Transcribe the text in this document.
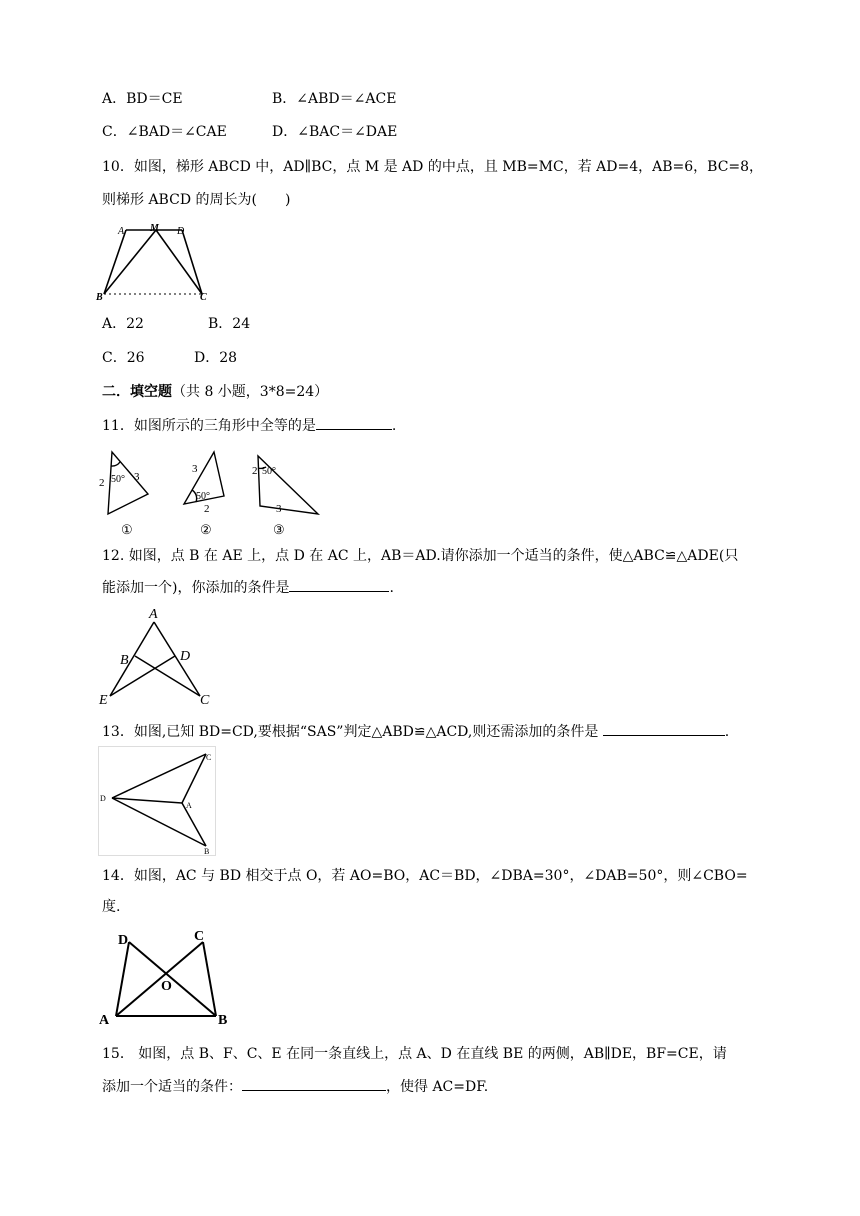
A．BD＝CE	B．∠ABD＝∠ACE
C．∠BAD＝∠CAE	D．∠BAC＝∠DAE
10．如图，梯形 ABCD 中，AD∥BC，点 M 是 AD 的中点，且 MB=MC，若 AD=4，AB=6，BC=8，
则梯形 ABCD 的周长为(　　)
A	M D
B	C
A．22	B．24
C．26	D．28
二．填空题（共 8 小题，3*8=24）
11．如图所示的三角形中全等的是	.
2 50° 3
①
3
50°
2
②
2 50°
3
③
12. 如图，点 B 在 AE 上，点 D 在 AC 上，AB＝AD.请你添加一个适当的条件，使△ABC≌△ADE(只
能添加一个)，你添加的条件是	.
A
B	D
E	C
13．如图,已知 BD=CD,要根据“SAS”判定△ABD≌△ACD,则还需添加的条件是	.
C
D
A
B
14．如图，AC 与 BD 相交于点 O，若 AO=BO，AC＝BD，∠DBA=30°，∠DAB=50°，则∠CBO=
度.
D	C
O
A	B
15． 如图，点 B、F、C、E 在同一条直线上，点 A、D 在直线 BE 的两侧，AB∥DE，BF=CE，请
添加一个适当的条件：	，使得 AC=DF.
